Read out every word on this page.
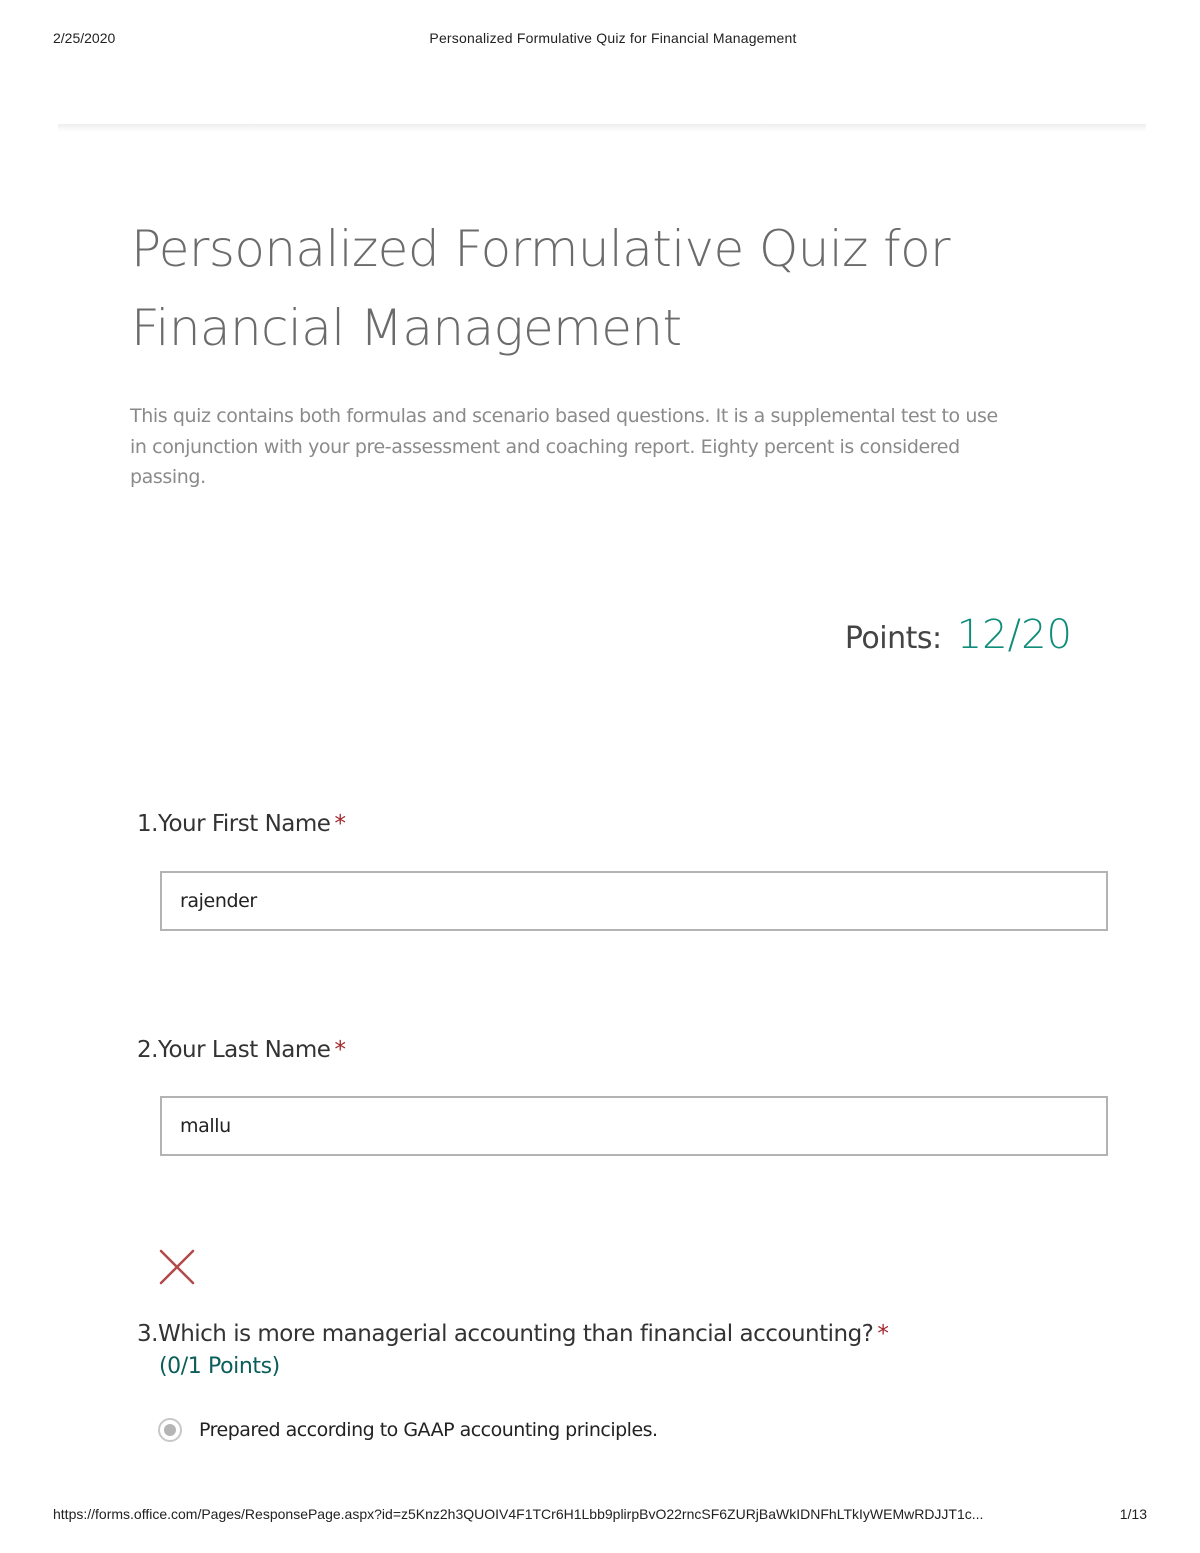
2/25/2020	Personalized Formulative Quiz for Financial Management
Personalized Formulative Quiz for
Financial Management

This quiz contains both formulas and scenario based questions. It is a supplemental test to use
in conjunction with your pre-assessment and coaching report. Eighty percent is considered
passing.

Points: 12/20
1.Your First Name *
rajender
2.Your Last Name *
mallu
3.Which is more managerial accounting than financial accounting? *
(0/1 Points)
Prepared according to GAAP accounting principles.
https://forms.office.com/Pages/ResponsePage.aspx?id=z5Knz2h3QUOIV4F1TCr6H1Lbb9plirpBvO22rncSF6ZURjBaWkIDNFhLTkIyWEMwRDJJT1c...	1/13
